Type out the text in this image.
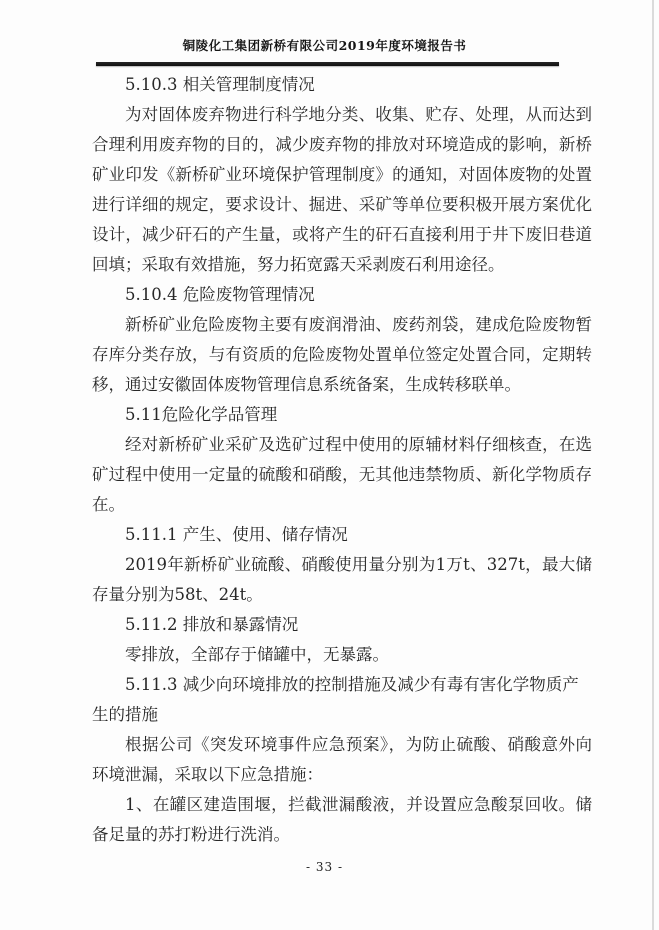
铜陵化工集团新桥有限公司2019年度环境报告书

5.10.3 相关管理制度情况

为对固体废弃物进行科学地分类、收集、贮存、处理，从而达到合理利用废弃物的目的，减少废弃物的排放对环境造成的影响，新桥矿业印发《新桥矿业环境保护管理制度》的通知，对固体废物的处置进行详细的规定，要求设计、掘进、采矿等单位要积极开展方案优化设计，减少矸石的产生量，或将产生的矸石直接利用于井下废旧巷道回填；采取有效措施，努力拓宽露天采剥废石利用途径。

5.10.4 危险废物管理情况

新桥矿业危险废物主要有废润滑油、废药剂袋，建成危险废物暂存库分类存放，与有资质的危险废物处置单位签定处置合同，定期转移，通过安徽固体废物管理信息系统备案，生成转移联单。

5.11危险化学品管理

经对新桥矿业采矿及选矿过程中使用的原辅材料仔细核查，在选矿过程中使用一定量的硫酸和硝酸，无其他违禁物质、新化学物质存在。

5.11.1 产生、使用、储存情况

2019年新桥矿业硫酸、硝酸使用量分别为1万t、327t，最大储存量分别为58t、24t。

5.11.2 排放和暴露情况

零排放，全部存于储罐中，无暴露。

5.11.3 减少向环境排放的控制措施及减少有毒有害化学物质产生的措施

根据公司《突发环境事件应急预案》，为防止硫酸、硝酸意外向环境泄漏，采取以下应急措施：

1、在罐区建造围堰，拦截泄漏酸液，并设置应急酸泵回收。储备足量的苏打粉进行洗消。

- 33 -
